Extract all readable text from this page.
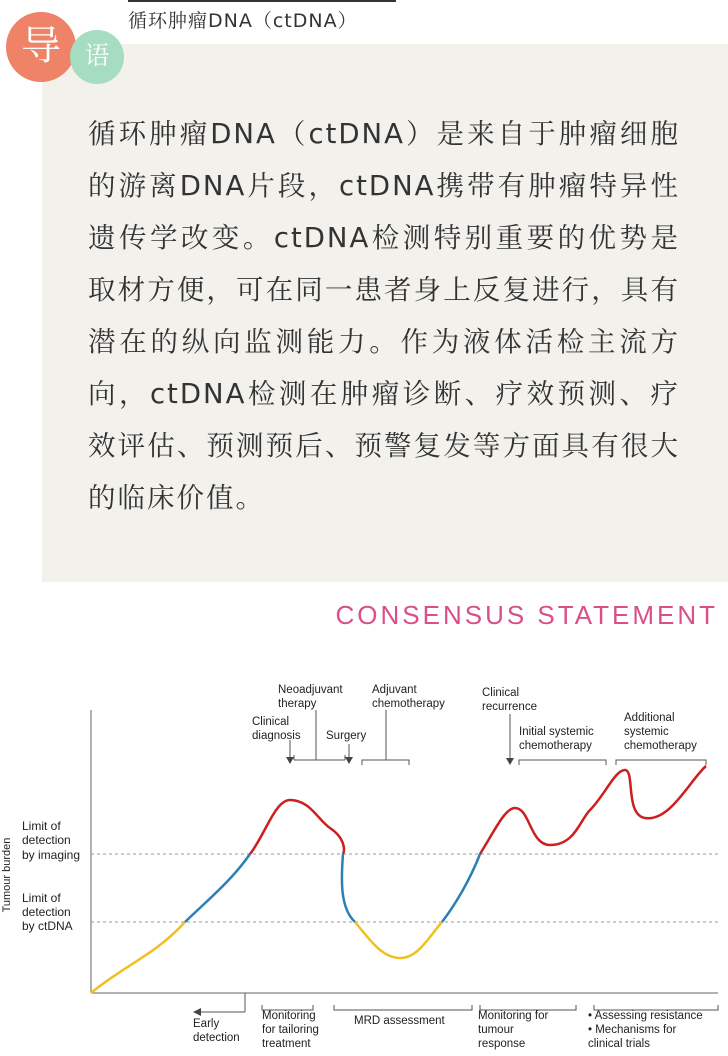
循环肿瘤DNA（ctDNA）

循环肿瘤DNA（ctDNA）是来自于肿瘤细胞的游离DNA片段，ctDNA携带有肿瘤特异性遗传学改变。ctDNA检测特别重要的优势是取材方便，可在同一患者身上反复进行，具有潜在的纵向监测能力。作为液体活检主流方向，ctDNA检测在肿瘤诊断、疗效预测、疗效评估、预测预后、预警复发等方面具有很大的临床价值。

导 语
CONSENSUS STATEMENT
Tumour burden
Limit of detection by imaging
Limit of detection by ctDNA
Neoadjuvant therapy
Adjuvant chemotherapy
Clinical diagnosis Surgery
Clinical recurrence
Initial systemic chemotherapy
Additional systemic chemotherapy
Early detection
Monitoring for tailoring treatment
MRD assessment	Monitoring for tumour response
• Assessing resistance • Mechanisms for clinical trials
